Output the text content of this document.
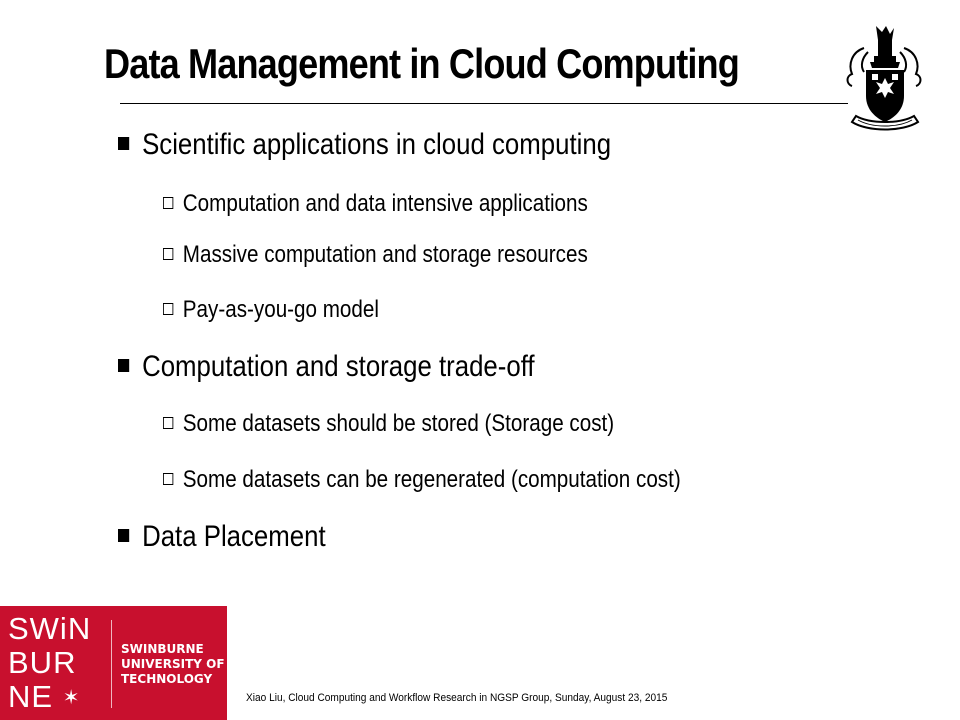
Data Management in Cloud Computing
Scientific applications in cloud computing
Computation and data intensive applications
Massive computation and storage resources
Pay-as-you-go model
Computation and storage trade-off
Some datasets should be stored (Storage cost)
Some datasets can be regenerated (computation cost)
Data Placement
SWiN
BUR
NE ✶
SWINBURNE
UNIVERSITY OF
TECHNOLOGY
Xiao Liu, Cloud Computing and Workflow Research in NGSP Group, Sunday, August 23, 2015
